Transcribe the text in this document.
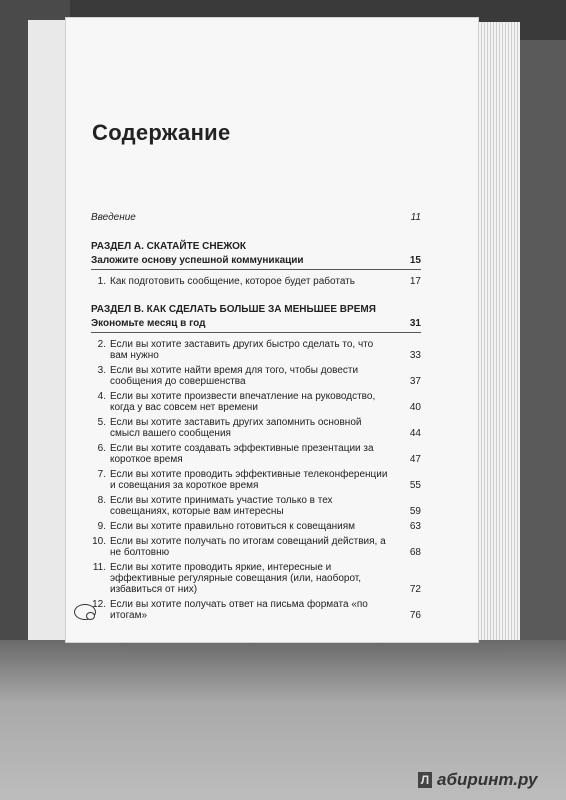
Содержание
Введение	11
РАЗДЕЛ А. СКАТАЙТЕ СНЕЖОК
Заложите основу успешной коммуникации	15
1. Как подготовить сообщение, которое будет работать	17
РАЗДЕЛ В. КАК СДЕЛАТЬ БОЛЬШЕ ЗА МЕНЬШЕЕ ВРЕМЯ
Экономьте месяц в год	31
2. Если вы хотите заставить других быстро сделать то, что вам нужно	33
3. Если вы хотите найти время для того, чтобы довести сообщения до совершенства	37
4. Если вы хотите произвести впечатление на руководство, когда у вас совсем нет времени	40
5. Если вы хотите заставить других запомнить основной смысл вашего сообщения	44
6. Если вы хотите создавать эффективные презентации за короткое время	47
7. Если вы хотите проводить эффективные телеконференции и совещания за короткое время	55
8. Если вы хотите принимать участие только в тех совещаниях, которые вам интересны	59
9. Если вы хотите правильно готовиться к совещаниям	63
10. Если вы хотите получать по итогам совещаний действия, а не болтовню	68
11. Если вы хотите проводить яркие, интересные и эффективные регулярные совещания (или, наоборот, избавиться от них)	72
12. Если вы хотите получать ответ на письма формата «по итогам»	76
Л абиринт.ру
